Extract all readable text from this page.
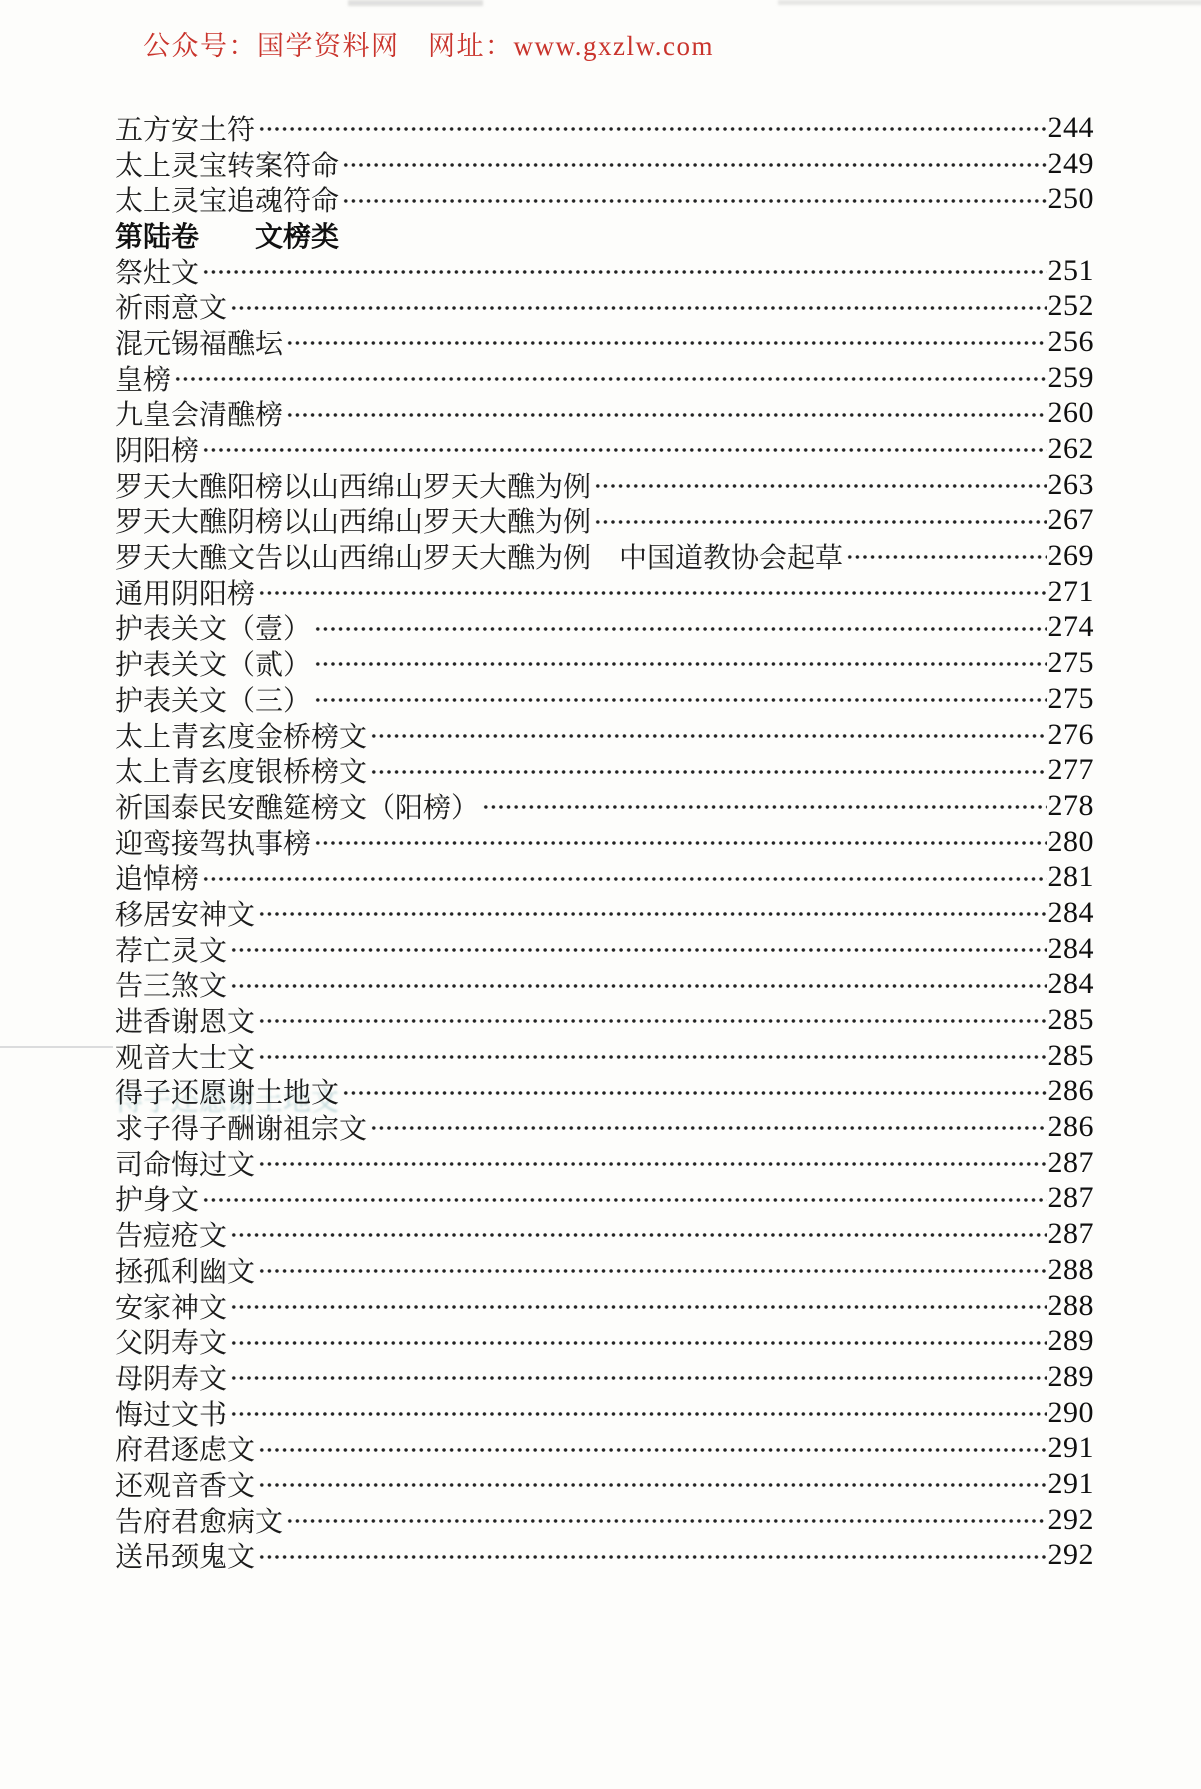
公众号：国学资料网　网址：www.gxzlw.com
五方安土符	244
太上灵宝转案符命	249
太上灵宝追魂符命	250
第陆卷　　文榜类
祭灶文	251
祈雨意文	252
混元锡福醮坛	256
皇榜	259
九皇会清醮榜	260
阴阳榜	262
罗天大醮阳榜以山西绵山罗天大醮为例	263
罗天大醮阴榜以山西绵山罗天大醮为例	267
罗天大醮文告以山西绵山罗天大醮为例　中国道教协会起草	269
通用阴阳榜	271
护表关文（壹）	274
护表关文（贰）	275
护表关文（三）	275
太上青玄度金桥榜文	276
太上青玄度银桥榜文	277
祈国泰民安醮筵榜文（阳榜）	278
迎鸾接驾执事榜	280
追悼榜	281
移居安神文	284
荐亡灵文	284
告三煞文	284
进香谢恩文	285
观音大士文	285
得子还愿谢土地文	286
求子得子酬谢祖宗文	286
司命悔过文	287
护身文	287
告痘疮文	287
拯孤利幽文	288
安家神文	288
父阴寿文	289
母阴寿文	289
悔过文书	290
府君逐虑文	291
还观音香文	291
告府君愈病文	292
送吊颈鬼文	292
